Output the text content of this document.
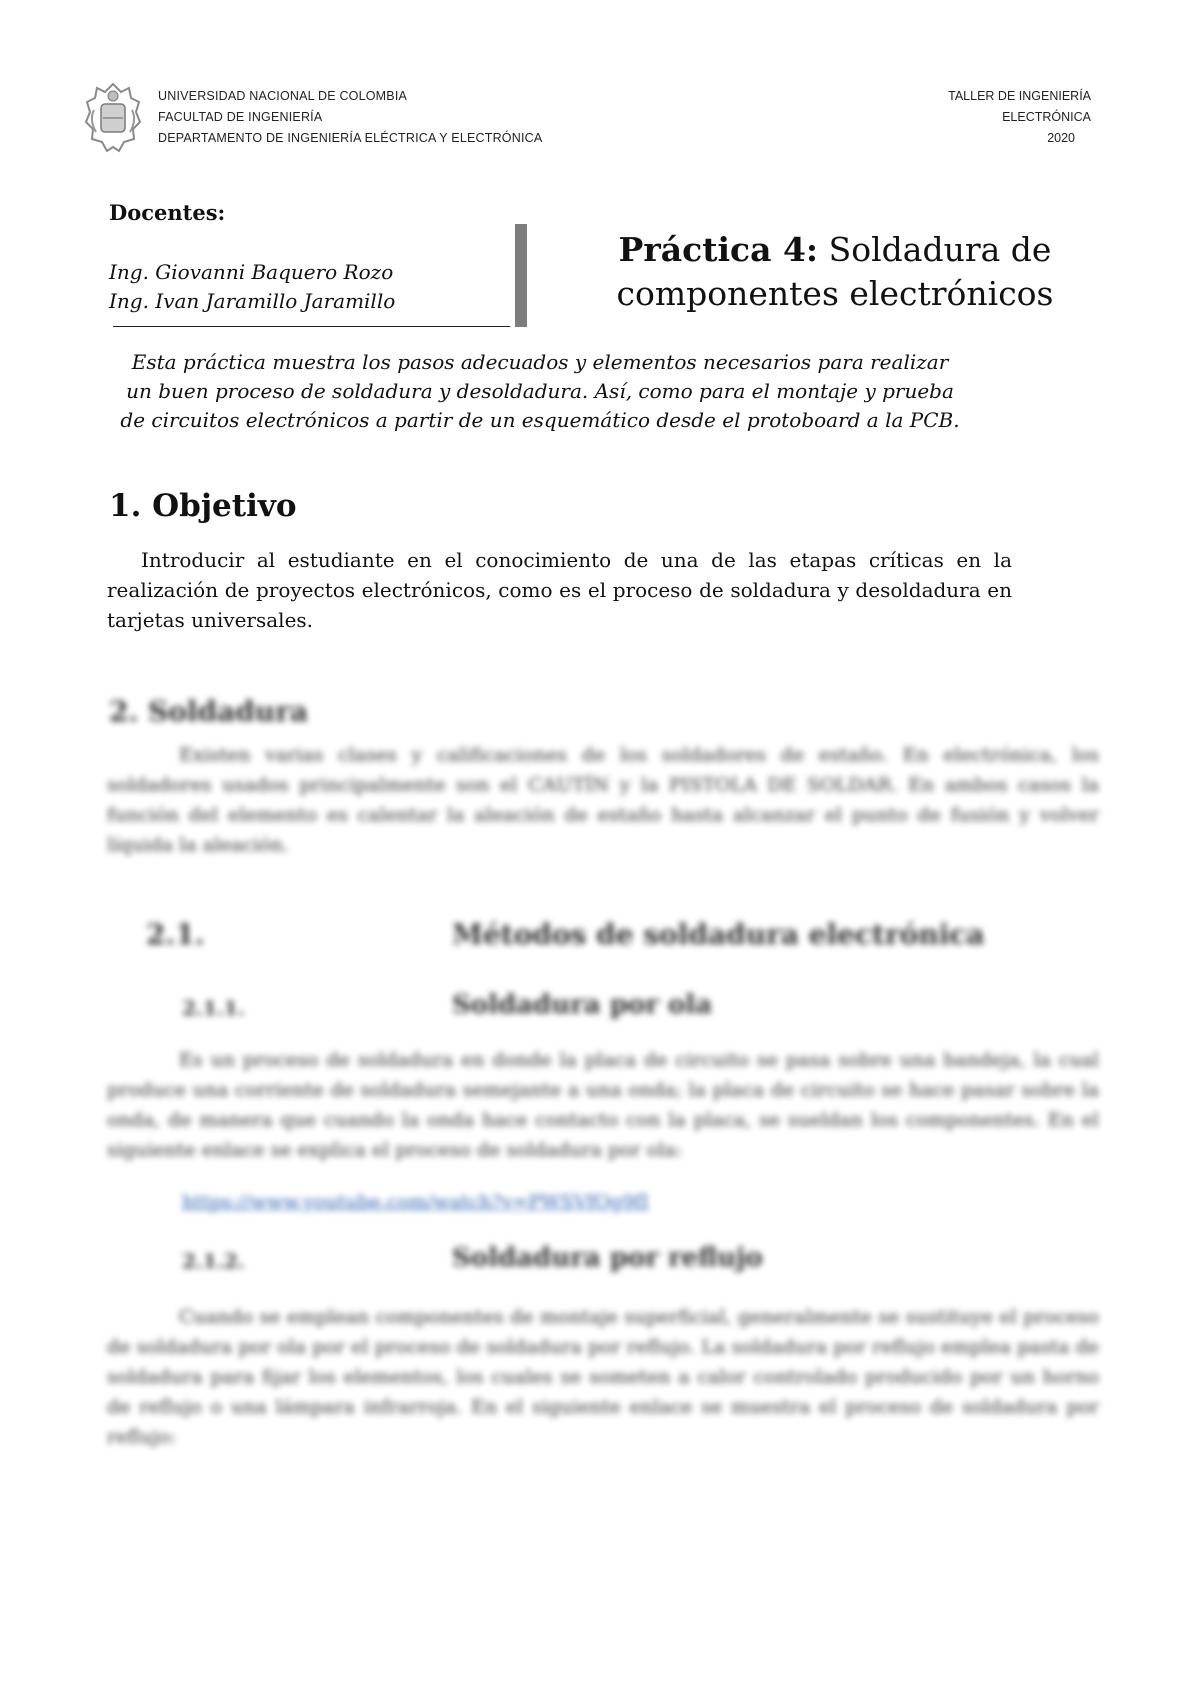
UNIVERSIDAD NACIONAL DE COLOMBIA
FACULTAD DE INGENIERÍA
DEPARTAMENTO DE INGENIERÍA ELÉCTRICA Y ELECTRÓNICA
TALLER DE INGENIERÍA
ELECTRÓNICA
2020
Docentes:
Ing. Giovanni Baquero Rozo
Ing. Ivan Jaramillo Jaramillo
Práctica 4: Soldadura de
componentes electrónicos
Esta práctica muestra los pasos adecuados y elementos necesarios para realizar un buen proceso de soldadura y desoldadura. Así, como para el montaje y prueba de circuitos electrónicos a partir de un esquemático desde el protoboard a la PCB.
1. Objetivo
Introducir al estudiante en el conocimiento de una de las etapas críticas en la realización de proyectos electrónicos, como es el proceso de soldadura y desoldadura en tarjetas universales.
2. Soldadura
Existen varias clases y calificaciones de los soldadores de estaño. En electrónica, los soldadores usados principalmente son el CAUTÍN y la PISTOLA DE SOLDAR. En ambos casos la función del elemento es calentar la aleación de estaño hasta alcanzar el punto de fusión y volver líquida la aleación.
2.1.	Métodos de soldadura electrónica
2.1.1.	Soldadura por ola
Es un proceso de soldadura en donde la placa de circuito se pasa sobre una bandeja, la cual produce una corriente de soldadura semejante a una onda; la placa de circuito se hace pasar sobre la onda, de manera que cuando la onda hace contacto con la placa, se sueldan los componentes. En el siguiente enlace se explica el proceso de soldadura por ola:
https://www.youtube.com/watch?v=PWSVfQg9fI
2.1.2.	Soldadura por reflujo
Cuando se emplean componentes de montaje superficial, generalmente se sustituye el proceso de soldadura por ola por el proceso de soldadura por reflujo. La soldadura por reflujo emplea pasta de soldadura para fijar los elementos, los cuales se someten a calor controlado producido por un horno de reflujo o una lámpara infrarroja. En el siguiente enlace se muestra el proceso de soldadura por reflujo:
